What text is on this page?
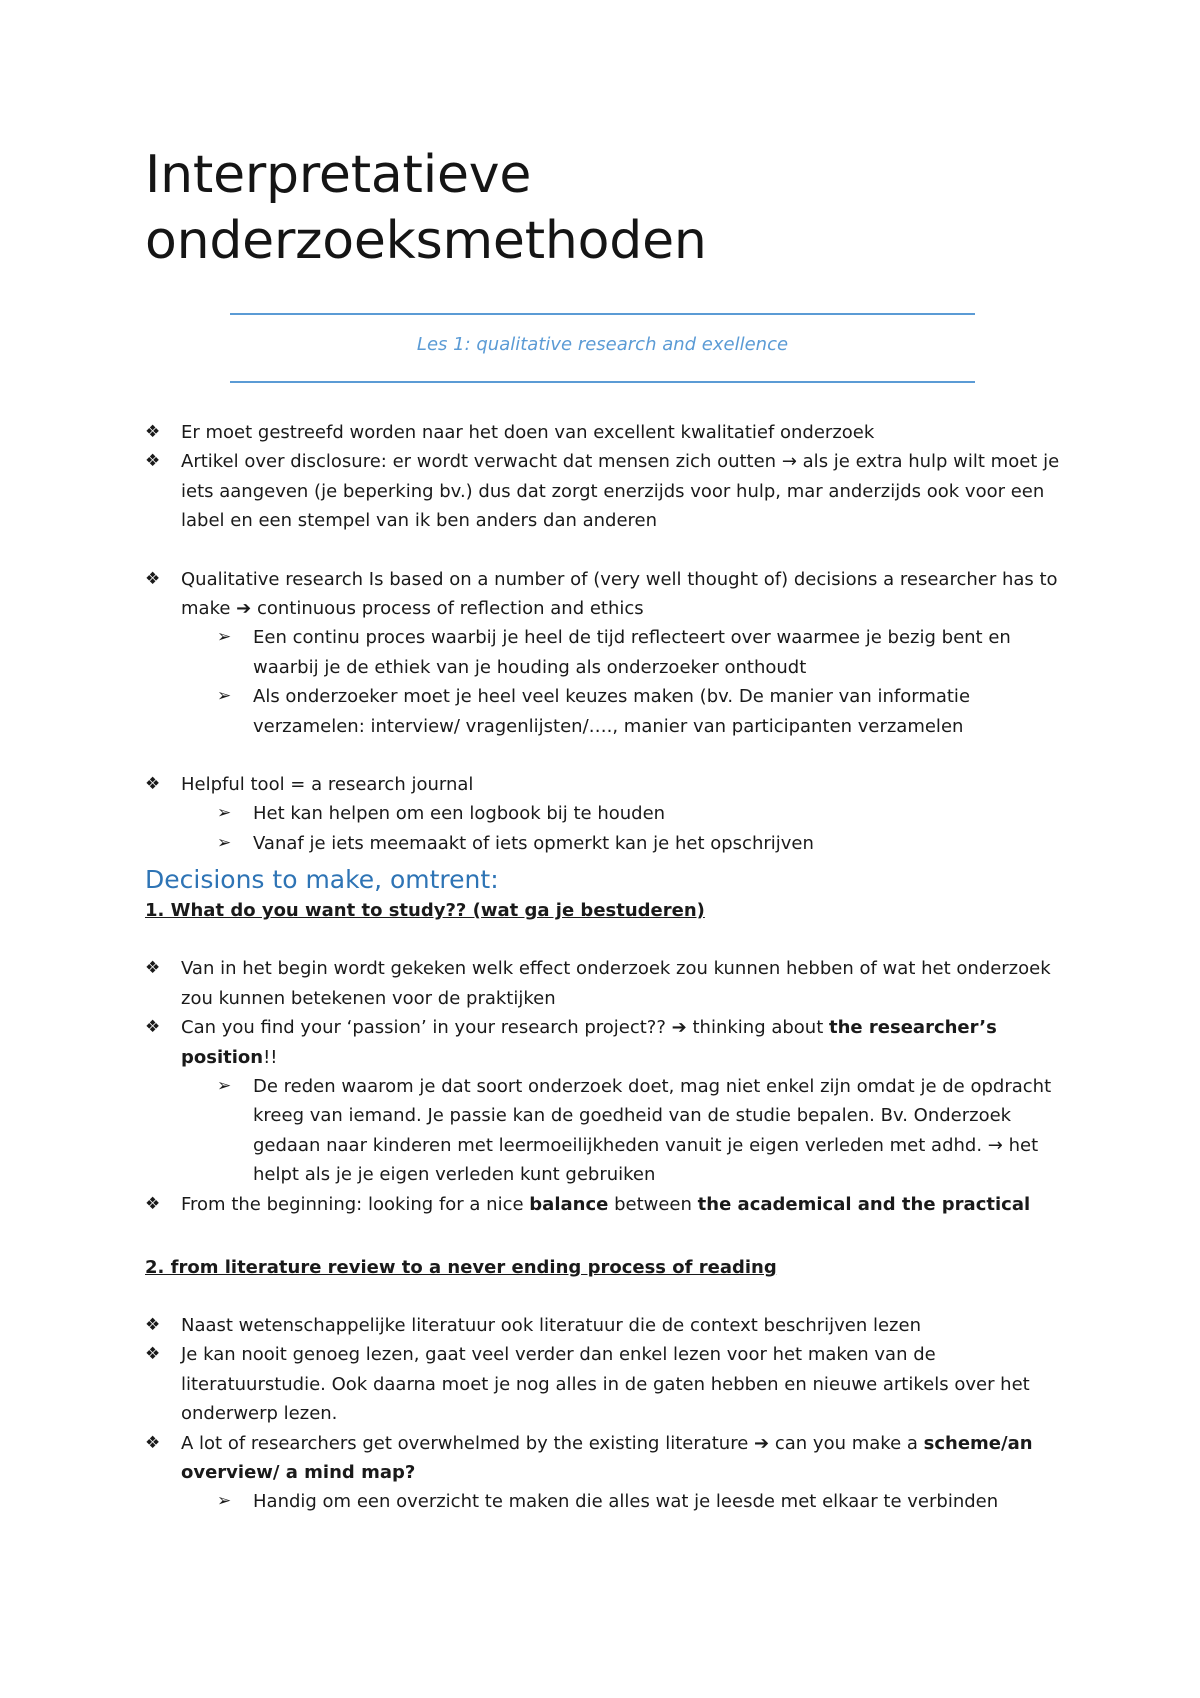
Interpretatieve
onderzoeksmethoden
Les 1: qualitative research and exellence
❖	Er moet gestreefd worden naar het doen van excellent kwalitatief onderzoek
❖	Artikel over disclosure: er wordt verwacht dat mensen zich outten → als je extra hulp wilt moet je iets aangeven (je beperking bv.) dus dat zorgt enerzijds voor hulp, mar anderzijds ook voor een label en een stempel van ik ben anders dan anderen
❖	Qualitative research Is based on a number of (very well thought of) decisions a researcher has to make ➔ continuous process of reflection and ethics
➢	Een continu proces waarbij je heel de tijd reflecteert over waarmee je bezig bent en waarbij je de ethiek van je houding als onderzoeker onthoudt
➢	Als onderzoeker moet je heel veel keuzes maken (bv. De manier van informatie verzamelen: interview/ vragenlijsten/…., manier van participanten verzamelen
❖	Helpful tool = a research journal
➢	Het kan helpen om een logbook bij te houden
➢	Vanaf je iets meemaakt of iets opmerkt kan je het opschrijven
Decisions to make, omtrent:
1. What do you want to study?? (wat ga je bestuderen)
❖	Van in het begin wordt gekeken welk effect onderzoek zou kunnen hebben of wat het onderzoek zou kunnen betekenen voor de praktijken
❖	Can you find your ‘passion’ in your research project?? ➔ thinking about the researcher’s position!!
➢	De reden waarom je dat soort onderzoek doet, mag niet enkel zijn omdat je de opdracht kreeg van iemand. Je passie kan de goedheid van de studie bepalen. Bv. Onderzoek gedaan naar kinderen met leermoeilijkheden vanuit je eigen verleden met adhd. → het helpt als je je eigen verleden kunt gebruiken
❖	From the beginning: looking for a nice balance between the academical and the practical
2. from literature review to a never ending process of reading
❖	Naast wetenschappelijke literatuur ook literatuur die de context beschrijven lezen
❖	Je kan nooit genoeg lezen, gaat veel verder dan enkel lezen voor het maken van de literatuurstudie. Ook daarna moet je nog alles in de gaten hebben en nieuwe artikels over het onderwerp lezen.
❖	A lot of researchers get overwhelmed by the existing literature ➔ can you make a scheme/an overview/ a mind map?
➢	Handig om een overzicht te maken die alles wat je leesde met elkaar te verbinden
